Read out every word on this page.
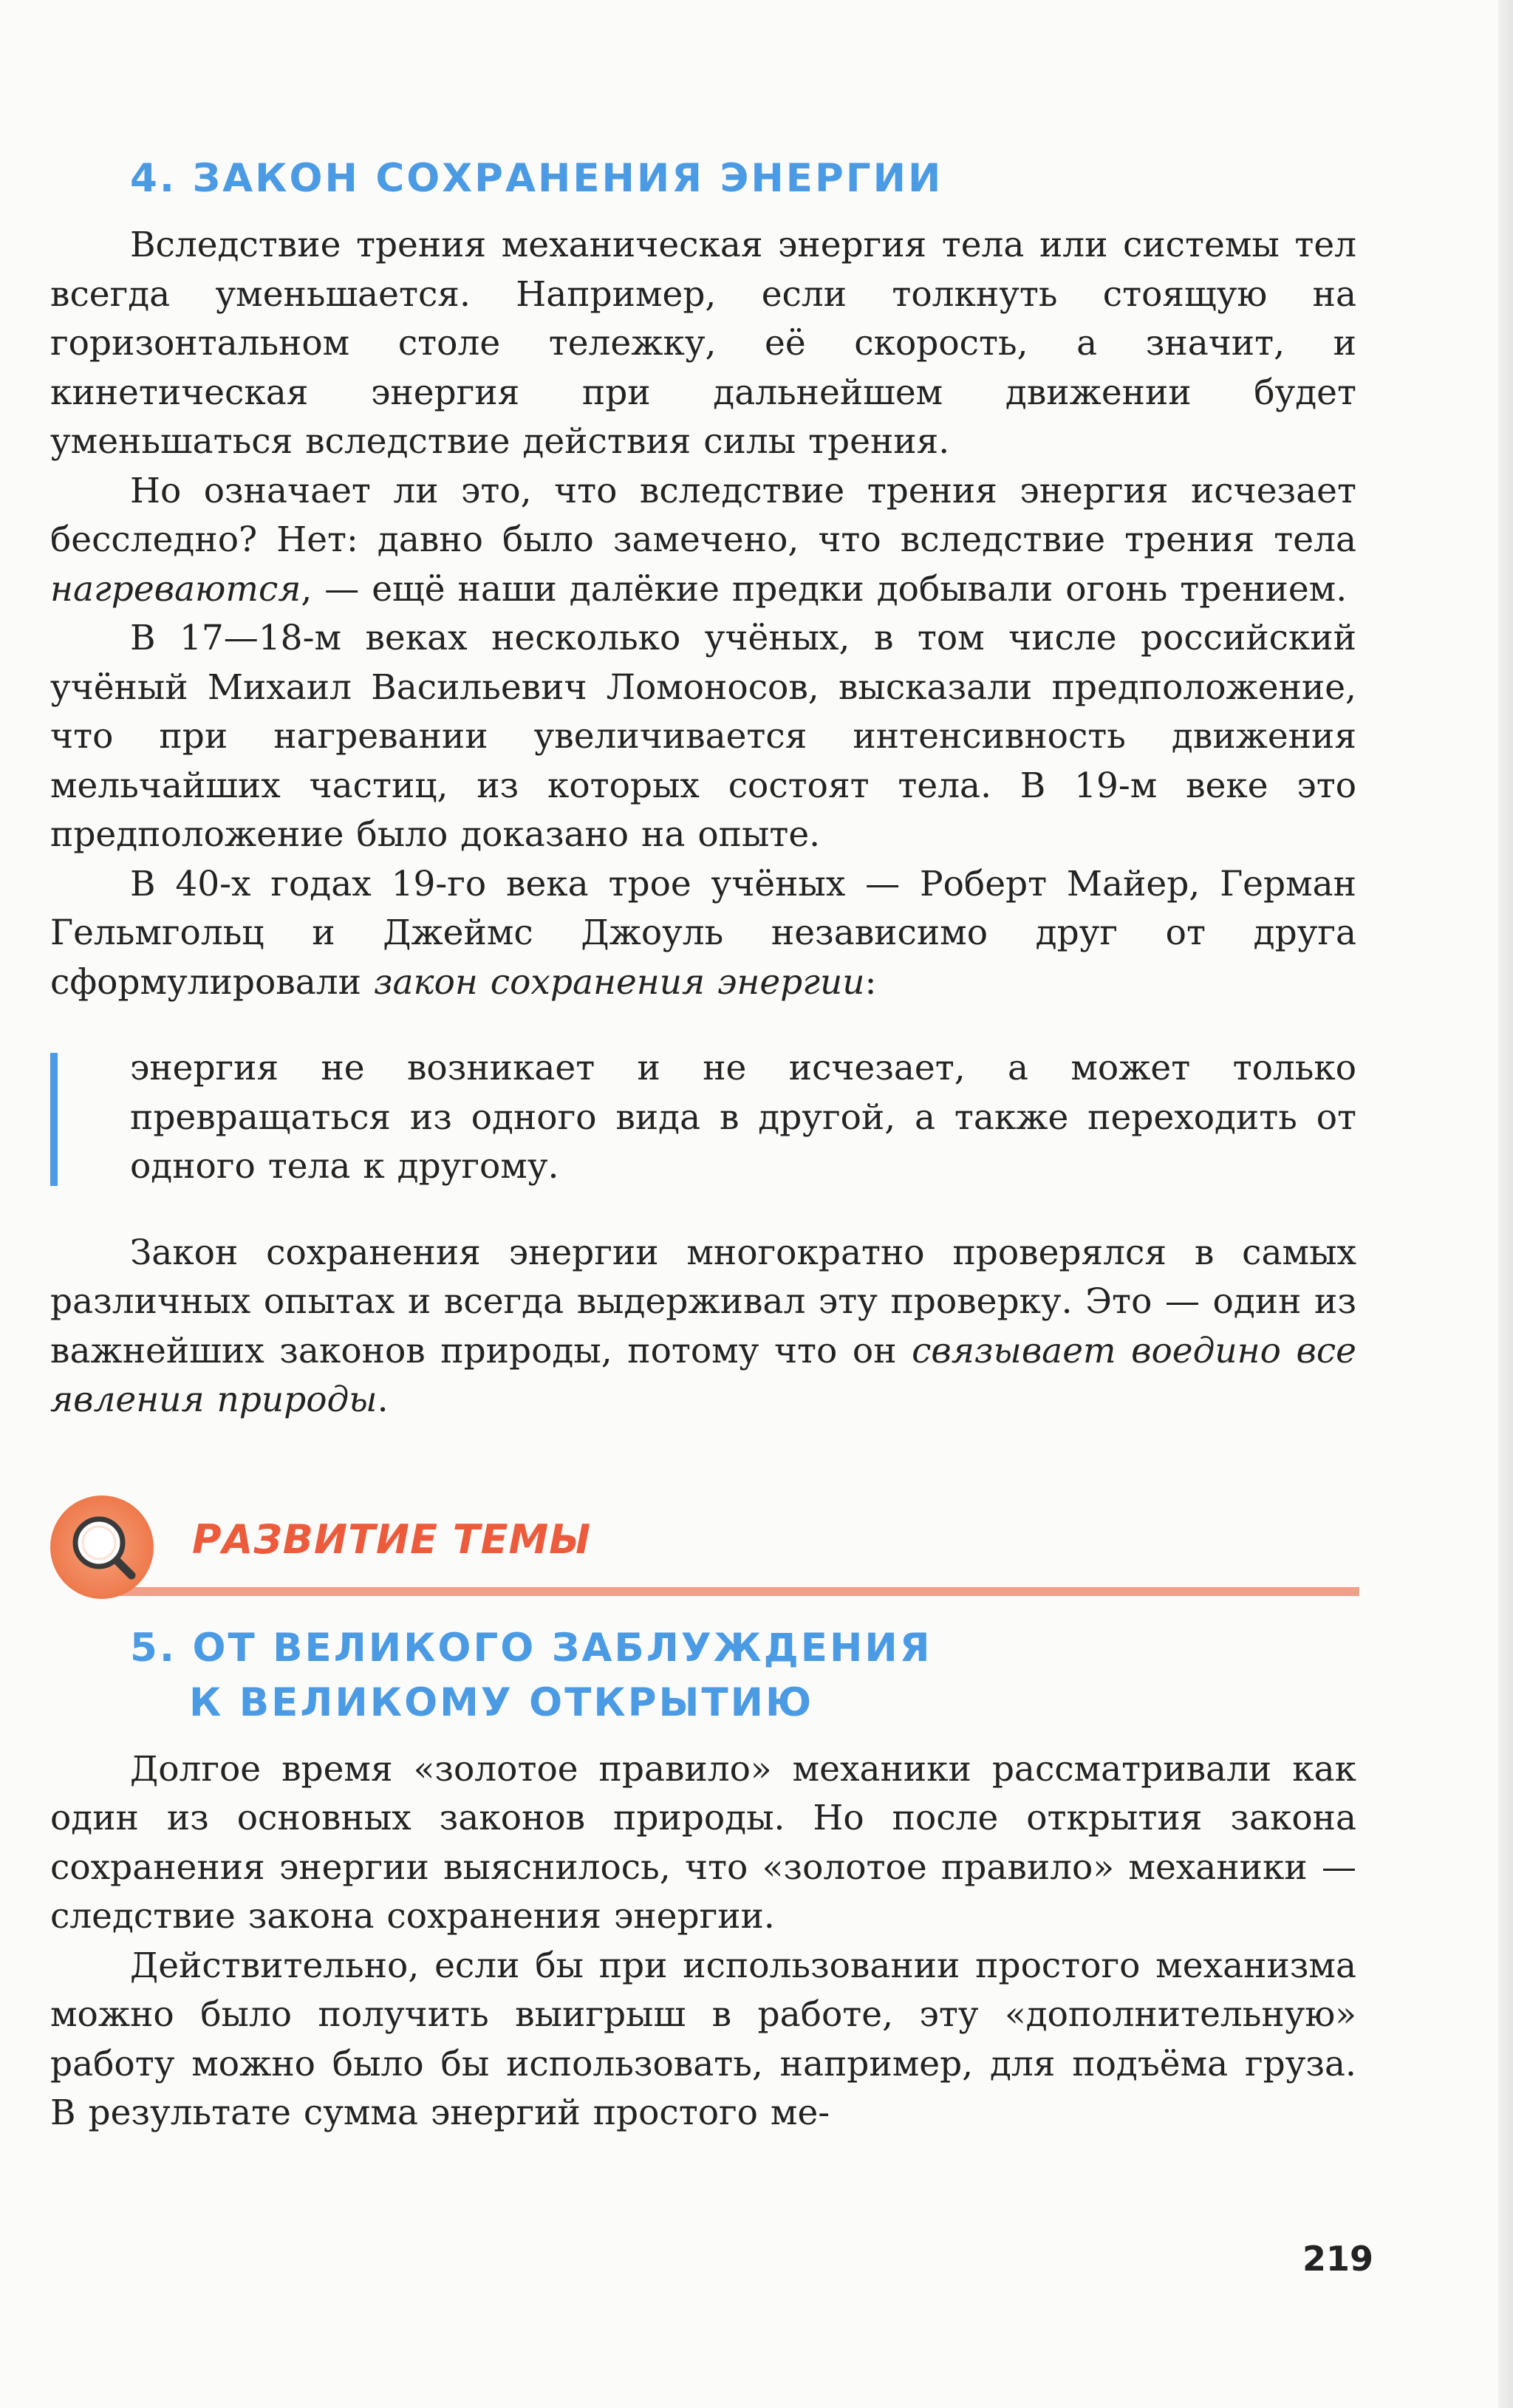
4. ЗАКОН СОХРАНЕНИЯ ЭНЕРГИИ

Вследствие трения механическая энергия тела или системы тел всегда уменьшается. Например, если толкнуть стоящую на горизонтальном столе тележку, её скорость, а значит, и кинетическая энергия при дальнейшем движении будет уменьшаться вследствие действия силы трения.

Но означает ли это, что вследствие трения энергия исчезает бесследно? Нет: давно было замечено, что вследствие трения тела нагреваются, — ещё наши далёкие предки добывали огонь трением.

В 17—18-м веках несколько учёных, в том числе российский учёный Михаил Васильевич Ломоносов, высказали предположение, что при нагревании увеличивается интенсивность движения мельчайших частиц, из которых состоят тела. В 19-м веке это предположение было доказано на опыте.

В 40-х годах 19-го века трое учёных — Роберт Майер, Герман Гельмгольц и Джеймс Джоуль независимо друг от друга сформулировали закон сохранения энергии:

энергия не возникает и не исчезает, а может только превращаться из одного вида в другой, а также переходить от одного тела к другому.

Закон сохранения энергии многократно проверялся в самых различных опытах и всегда выдерживал эту проверку. Это — один из важнейших законов природы, потому что он связывает воедино все явления природы.

РАЗВИТИЕ ТЕМЫ
5. ОТ ВЕЛИКОГО ЗАБЛУЖДЕНИЯ
К ВЕЛИКОМУ ОТКРЫТИЮ

Долгое время «золотое правило» механики рассматривали как один из основных законов природы. Но после открытия закона сохранения энергии выяснилось, что «золотое правило» механики — следствие закона сохранения энергии.

Действительно, если бы при использовании простого механизма можно было получить выигрыш в работе, эту «дополнительную» работу можно было бы использовать, например, для подъёма груза. В результате сумма энергий простого ме-

219
